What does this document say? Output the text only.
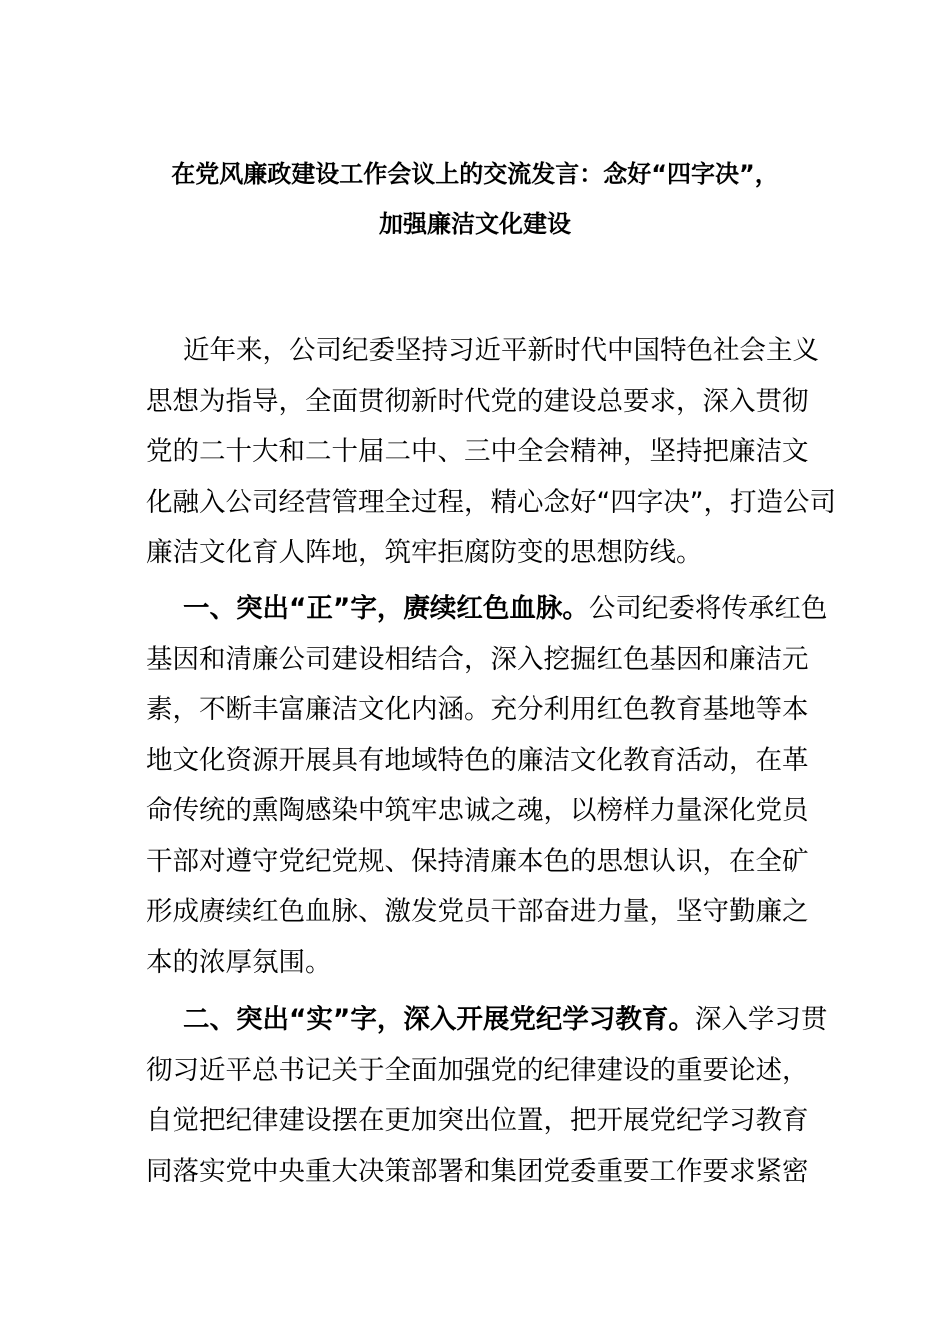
在党风廉政建设工作会议上的交流发言：念好“四字决”，
加强廉洁文化建设
近年来，公司纪委坚持习近平新时代中国特色社会主义
思想为指导，全面贯彻新时代党的建设总要求，深入贯彻
党的二十大和二十届二中、三中全会精神，坚持把廉洁文
化融入公司经营管理全过程，精心念好“四字决”，打造公司
廉洁文化育人阵地，筑牢拒腐防变的思想防线。
一、突出“正”字，赓续红色血脉。公司纪委将传承红色
基因和清廉公司建设相结合，深入挖掘红色基因和廉洁元
素，不断丰富廉洁文化内涵。充分利用红色教育基地等本
地文化资源开展具有地域特色的廉洁文化教育活动，在革
命传统的熏陶感染中筑牢忠诚之魂，以榜样力量深化党员
干部对遵守党纪党规、保持清廉本色的思想认识，在全矿
形成赓续红色血脉、激发党员干部奋进力量，坚守勤廉之
本的浓厚氛围。
二、突出“实”字，深入开展党纪学习教育。深入学习贯
彻习近平总书记关于全面加强党的纪律建设的重要论述，
自觉把纪律建设摆在更加突出位置，把开展党纪学习教育
同落实党中央重大决策部署和集团党委重要工作要求紧密
